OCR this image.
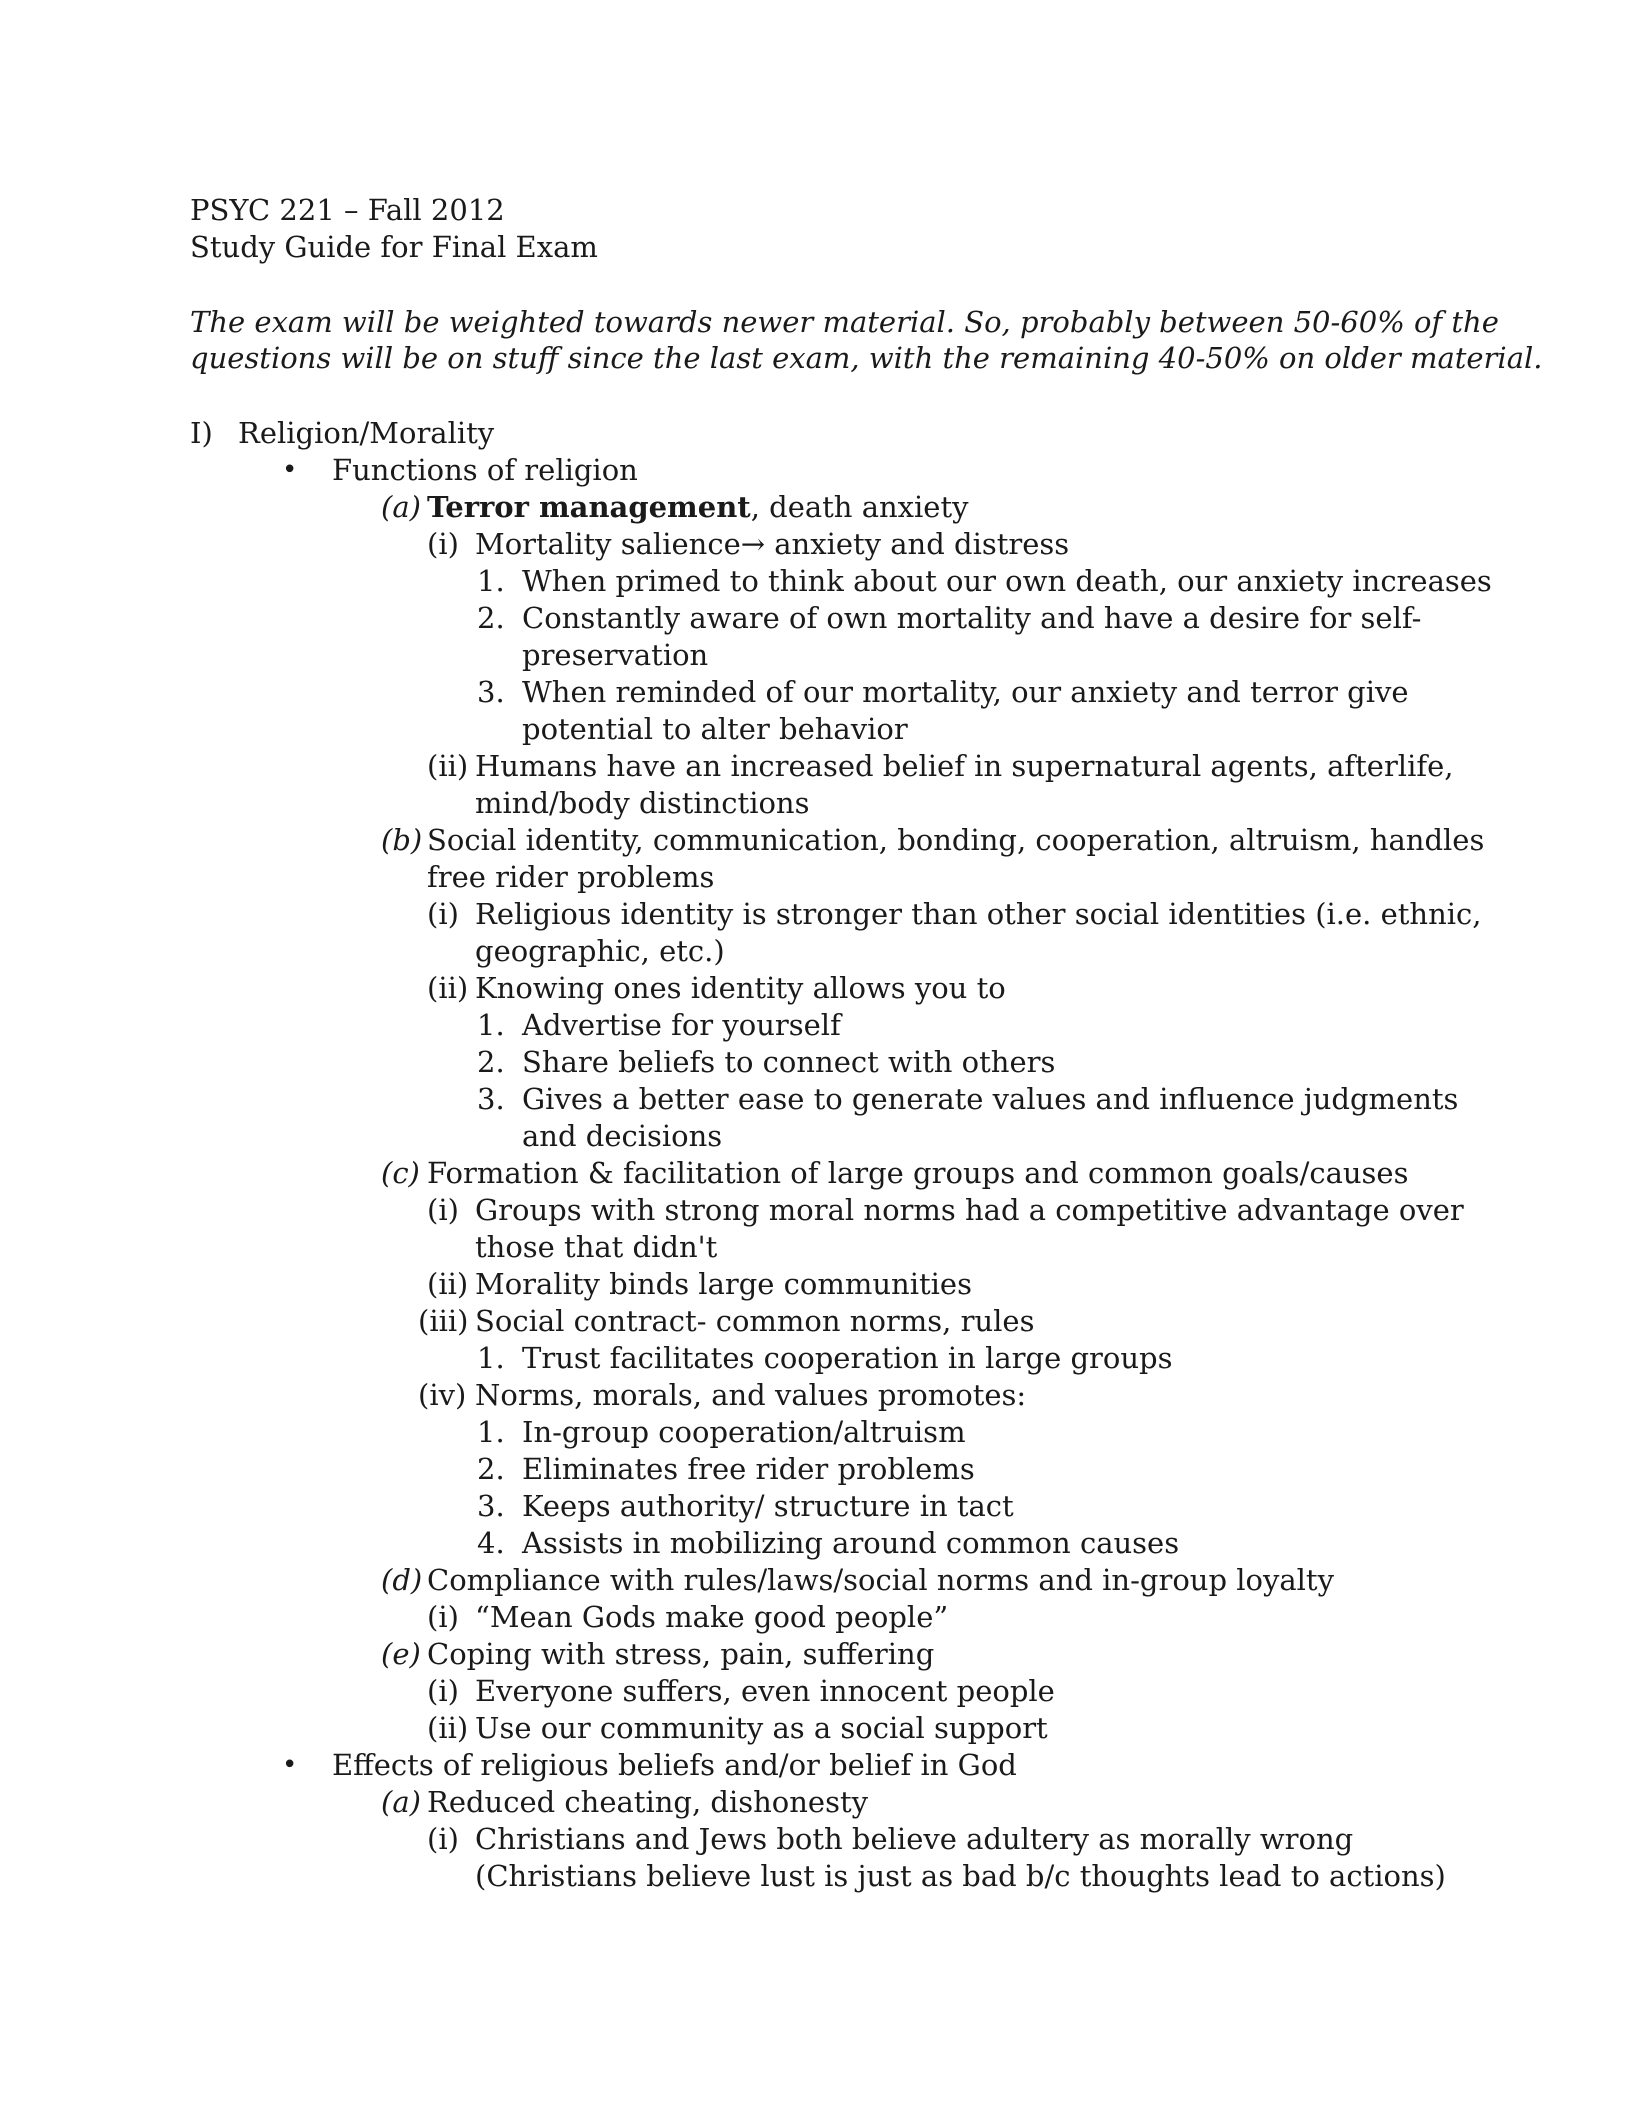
PSYC 221 – Fall 2012
Study Guide for Final Exam
The exam will be weighted towards newer material. So, probably between 50-60% of the
questions will be on stuff since the last exam, with the remaining 40-50% on older material.
I) Religion/Morality
• Functions of religion
(a) Terror management, death anxiety
(i) Mortality salience→ anxiety and distress
1. When primed to think about our own death, our anxiety increases
2. Constantly aware of own mortality and have a desire for self-
preservation
3. When reminded of our mortality, our anxiety and terror give
potential to alter behavior
(ii) Humans have an increased belief in supernatural agents, afterlife,
mind/body distinctions
(b) Social identity, communication, bonding, cooperation, altruism, handles
free rider problems
(i) Religious identity is stronger than other social identities (i.e. ethnic,
geographic, etc.)
(ii) Knowing ones identity allows you to
1. Advertise for yourself
2. Share beliefs to connect with others
3. Gives a better ease to generate values and influence judgments
and decisions
(c) Formation & facilitation of large groups and common goals/causes
(i) Groups with strong moral norms had a competitive advantage over
those that didn't
(ii) Morality binds large communities
(iii) Social contract- common norms, rules
1. Trust facilitates cooperation in large groups
(iv) Norms, morals, and values promotes:
1. In-group cooperation/altruism
2. Eliminates free rider problems
3. Keeps authority/ structure in tact
4. Assists in mobilizing around common causes
(d) Compliance with rules/laws/social norms and in-group loyalty
(i) “Mean Gods make good people”
(e) Coping with stress, pain, suffering
(i) Everyone suffers, even innocent people
(ii) Use our community as a social support
• Effects of religious beliefs and/or belief in God
(a) Reduced cheating, dishonesty
(i) Christians and Jews both believe adultery as morally wrong
(Christians believe lust is just as bad b/c thoughts lead to actions)
